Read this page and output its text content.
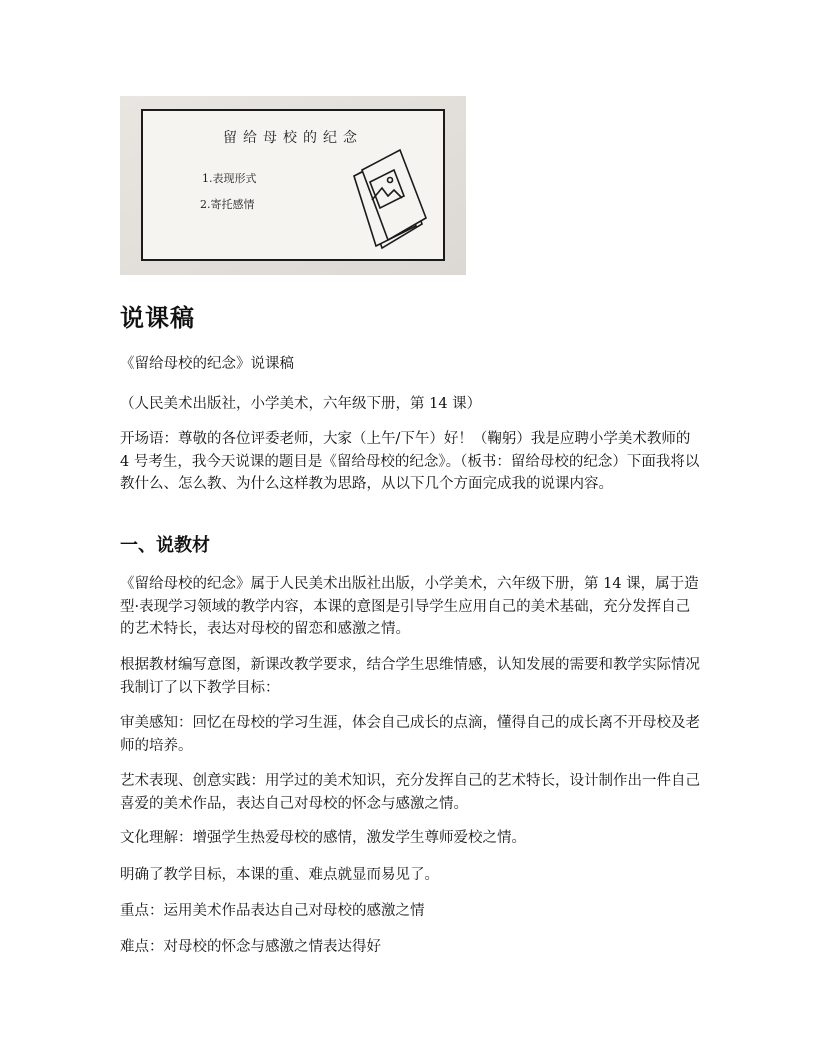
留给母校的纪念
1.表现形式
2.寄托感情
说课稿

《留给母校的纪念》说课稿

（人民美术出版社，小学美术，六年级下册，第 14 课）

开场语：尊敬的各位评委老师，大家（上午/下午）好！（鞠躬）我是应聘小学美术教师的 4 号考生，我今天说课的题目是《留给母校的纪念》。（板书：留给母校的纪念）下面我将以教什么、怎么教、为什么这样教为思路，从以下几个方面完成我的说课内容。

一、说教材

《留给母校的纪念》属于人民美术出版社出版，小学美术，六年级下册，第 14 课，属于造型·表现学习领域的教学内容，本课的意图是引导学生应用自己的美术基础，充分发挥自己的艺术特长，表达对母校的留恋和感激之情。

根据教材编写意图，新课改教学要求，结合学生思维情感，认知发展的需要和教学实际情况我制订了以下教学目标：

审美感知：回忆在母校的学习生涯，体会自己成长的点滴，懂得自己的成长离不开母校及老师的培养。

艺术表现、创意实践：用学过的美术知识，充分发挥自己的艺术特长，设计制作出一件自己喜爱的美术作品，表达自己对母校的怀念与感激之情。

文化理解：增强学生热爱母校的感情，激发学生尊师爱校之情。

明确了教学目标，本课的重、难点就显而易见了。

重点：运用美术作品表达自己对母校的感激之情

难点：对母校的怀念与感激之情表达得好
